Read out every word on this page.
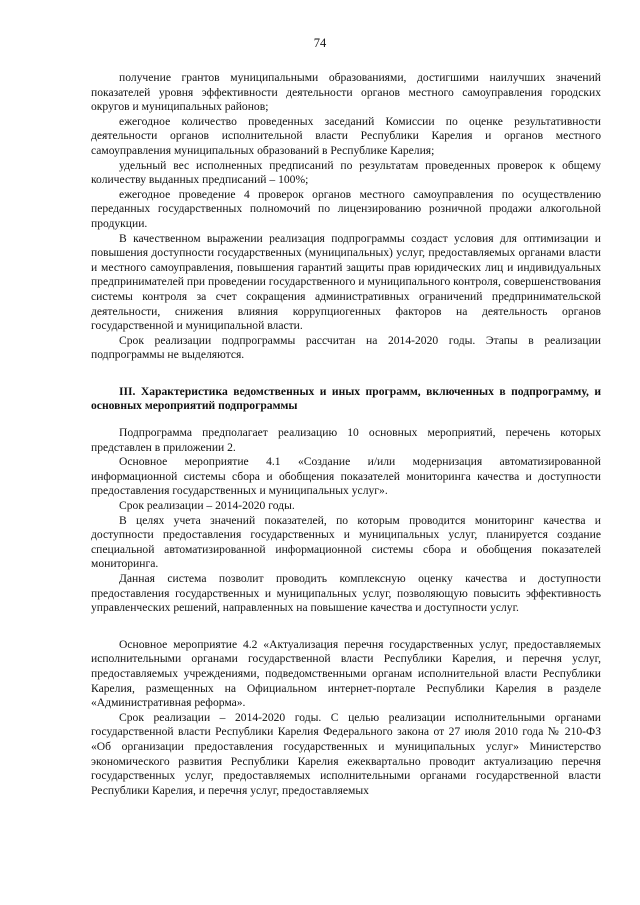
74

получение грантов муниципальными образованиями, достигшими наилучших значений показателей уровня эффективности деятельности органов местного самоуправления городских округов и муниципальных районов;

ежегодное количество проведенных заседаний Комиссии по оценке результативности деятельности органов исполнительной власти Республики Карелия и органов местного самоуправления муниципальных образований в Республике Карелия;

удельный вес исполненных предписаний по результатам проведенных проверок к общему количеству выданных предписаний – 100%;

ежегодное проведение 4 проверок органов местного самоуправления по осуществлению переданных государственных полномочий по лицензированию розничной продажи алкогольной продукции.

В качественном выражении реализация подпрограммы создаст условия для оптимизации и повышения доступности государственных (муниципальных) услуг, предоставляемых органами власти и местного самоуправления, повышения гарантий защиты прав юридических лиц и индивидуальных предпринимателей при проведении государственного и муниципального контроля, совершенствования системы контроля за счет сокращения административных ограничений предпринимательской деятельности, снижения влияния коррупциогенных факторов на деятельность органов государственной и муниципальной власти.

Срок реализации подпрограммы рассчитан на 2014-2020 годы. Этапы в реализации подпрограммы не выделяются.

III. Характеристика ведомственных и иных программ, включенных в подпрограмму, и основных мероприятий подпрограммы

Подпрограмма предполагает реализацию 10 основных мероприятий, перечень которых представлен в приложении 2.

Основное мероприятие 4.1 «Создание и/или модернизация автоматизированной информационной системы сбора и обобщения показателей мониторинга качества и доступности предоставления государственных и муниципальных услуг».

Срок реализации – 2014-2020 годы.

В целях учета значений показателей, по которым проводится мониторинг качества и доступности предоставления государственных и муниципальных услуг, планируется создание специальной автоматизированной информационной системы сбора и обобщения показателей мониторинга.

Данная система позволит проводить комплексную оценку качества и доступности предоставления государственных и муниципальных услуг, позволяющую повысить эффективность управленческих решений, направленных на повышение качества и доступности услуг.

Основное мероприятие 4.2 «Актуализация перечня государственных услуг, предоставляемых исполнительными органами государственной власти Республики Карелия, и перечня услуг, предоставляемых учреждениями, подведомственными органам исполнительной власти Республики Карелия, размещенных на Официальном интернет-портале Республики Карелия в разделе «Административная реформа».

Срок реализации – 2014-2020 годы. С целью реализации исполнительными органами государственной власти Республики Карелия Федерального закона от 27 июля 2010 года № 210-ФЗ «Об организации предоставления государственных и муниципальных услуг» Министерство экономического развития Республики Карелия ежеквартально проводит актуализацию перечня государственных услуг, предоставляемых исполнительными органами государственной власти Республики Карелия, и перечня услуг, предоставляемых
